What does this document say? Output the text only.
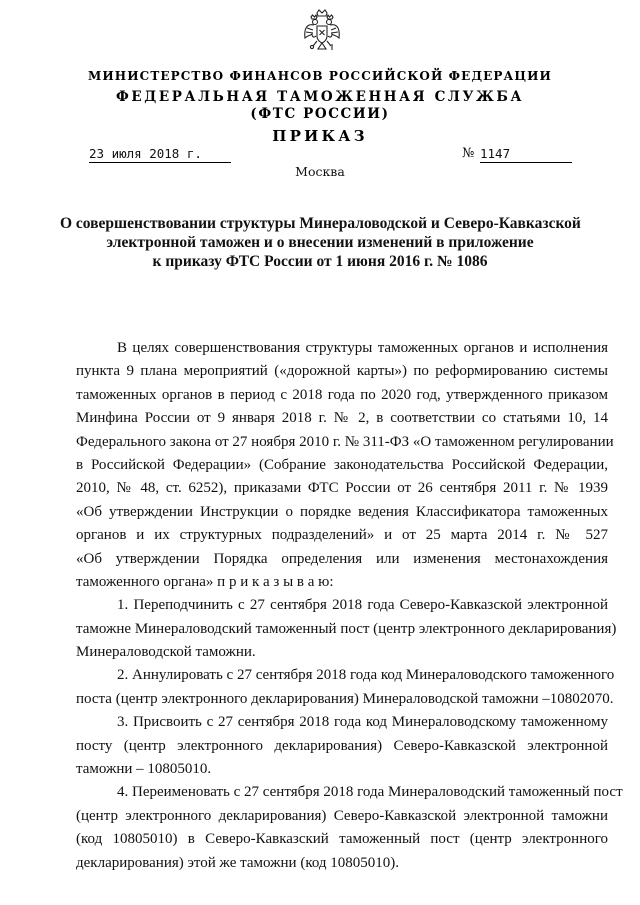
МИНИСТЕРСТВО ФИНАНСОВ РОССИЙСКОЙ ФЕДЕРАЦИИ
ФЕДЕРАЛЬНАЯ ТАМОЖЕННАЯ СЛУЖБА
(ФТС РОССИИ)
ПРИКАЗ
23 июля 2018 г.	№ 1147
Москва
О совершенствовании структуры Минераловодской и Северо-Кавказской
электронной таможен и о внесении изменений в приложение
к приказу ФТС России от 1 июня 2016 г. № 1086
В целях совершенствования структуры таможенных органов и исполнения
пункта 9 плана мероприятий («дорожной карты») по реформированию системы
таможенных органов в период с 2018 года по 2020 год, утвержденного приказом
Минфина России от 9 января 2018 г. № 2, в соответствии со статьями 10, 14
Федерального закона от 27 ноября 2010 г. № 311-ФЗ «О таможенном регулировании
в Российской Федерации» (Собрание законодательства Российской Федерации,
2010, № 48, ст. 6252), приказами ФТС России от 26 сентября 2011 г. № 1939
«Об утверждении Инструкции о порядке ведения Классификатора таможенных
органов и их структурных подразделений» и от 25 марта 2014 г. № 527
«Об утверждении Порядка определения или изменения местонахождения
таможенного органа» п р и к а з ы в а ю:
1. Переподчинить с 27 сентября 2018 года Северо-Кавказской электронной
таможне Минераловодский таможенный пост (центр электронного декларирования)
Минераловодской таможни.
2. Аннулировать с 27 сентября 2018 года код Минераловодского таможенного
поста (центр электронного декларирования) Минераловодской таможни –10802070.
3. Присвоить с 27 сентября 2018 года код Минераловодскому таможенному
посту (центр электронного декларирования) Северо-Кавказской электронной
таможни – 10805010.
4. Переименовать с 27 сентября 2018 года Минераловодский таможенный пост
(центр электронного декларирования) Северо-Кавказской электронной таможни
(код 10805010) в Северо-Кавказский таможенный пост (центр электронного
декларирования) этой же таможни (код 10805010).
